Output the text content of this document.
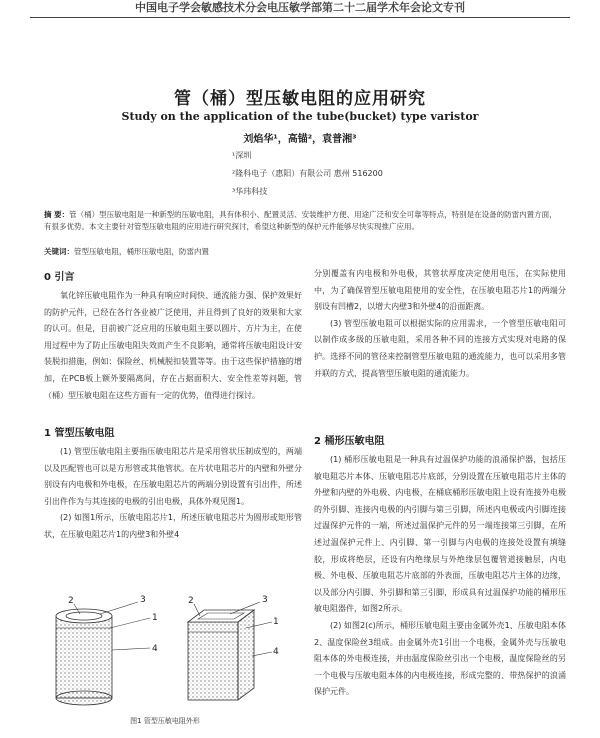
中国电子学会敏感技术分会电压敏学部第二十二届学术年会论文专刊
管（桶）型压敏电阻的应用研究
Study on the application of the tube(bucket) type varistor
刘焰华¹，高锚²，袁普湘³
¹深圳
²隆科电子（惠阳）有限公司 惠州 516200
³华玮科技
摘 要：管（桶）型压敏电阻是一种新型的压敏电阻，具有体积小、配置灵活、安装维护方便、用途广泛和安全可靠等特点，特别是在设备的防雷内置方面，有很多优势。本文主要针对管型压敏电阻的应用进行研究探讨，希望这种新型的保护元件能够尽快实现推广应用。
关键词：管型压敏电阻，桶形压敏电阻，防雷内置
0 引言

氧化锌压敏电阻作为一种具有响应时间快、通流能力强、保护效果好的防护元件，已经在各行各业被广泛使用，并且得到了良好的效果和大家的认可。但是，目前被广泛应用的压敏电阻主要以圆片、方片为主，在使用过程中为了防止压敏电阻失效而产生不良影响，通常将压敏电阻设计安装脱扣措施，例如：保险丝、机械脱扣装置等等。由于这些保护措施的增加，在PCB板上额外要隔离间，存在占据面积大、安全性差等问题，管（桶）型压敏电阻在这些方面有一定的优势，值得进行探讨。

1 管型压敏电阻

(1) 管型压敏电阻主要指压敏电阻芯片是采用管状压制成型的，两端以及匹配管也可以是方形管或其他管状。在片状电阻芯片的内壁和外壁分别设有内电极和外电极，在压敏电阻芯片的两端分别设置有引出件，所述引出件作为与其连接的电极的引出电极，具体外观见图1。

(2) 如图1所示，压敏电阻芯片1，所述压敏电阻芯片为圆形或矩形管状，在压敏电阻芯片1的内壁3和外壁4

2	3
1
4
2	3
1
4
图1 管型压敏电阻外形

分别覆盖有内电极和外电极，其管状厚度决定使用电压，在实际使用中，为了确保管型压敏电阻使用的安全性，在压敏电阻芯片1的两端分别设有凹槽2，以增大内壁3和外壁4的沿面距离。

(3) 管型压敏电阻可以根据实际的应用需求，一个管型压敏电阻可以制作成多级的压敏电阻，采用各种不同的连接方式实现对电路的保护。选择不同的管径来控制管型压敏电阻的通流能力，也可以采用多管并联的方式，提高管型压敏电阻的通流能力。

2 桶形压敏电阻

(1) 桶形压敏电阻是一种具有过温保护功能的浪涌保护器，包括压敏电阻芯片本体、压敏电阻芯片底部，分别设置在压敏电阻芯片主体的外壁和内壁的外电极、内电极，在桶底桶形压敏电阻上设有连接外电极的外引脚、连接内电极的内引脚与第三引脚，所述内电极或内引脚连接过温保护元件的一端，所述过温保护元件的另一端连接第三引脚，在所述过温保护元件上、内引脚、第一引脚与内电极的连接处设置有填缝胶，形成将绝层，还设有内绝缘层与外绝缘层包覆管道接触层，内电极、外电极、压敏电阻芯片底部的外表面，压敏电阻芯片主体的边缘，以及部分内引脚、外引脚和第三引脚，形成具有过温保护功能的桶形压敏电阻器件，如图2所示。

(2) 如图2(c)所示，桶形压敏电阻主要由金属外壳1、压敏电阻本体2、温度保险丝3组成。由金属外壳1引出一个电极，金属外壳与压敏电阻本体的外电极连接，并由温度保险丝引出一个电极，温度保险丝的另一个电极与压敏电阻本体的内电极连接，形成完整的、带热保护的浪涌保护元件。
